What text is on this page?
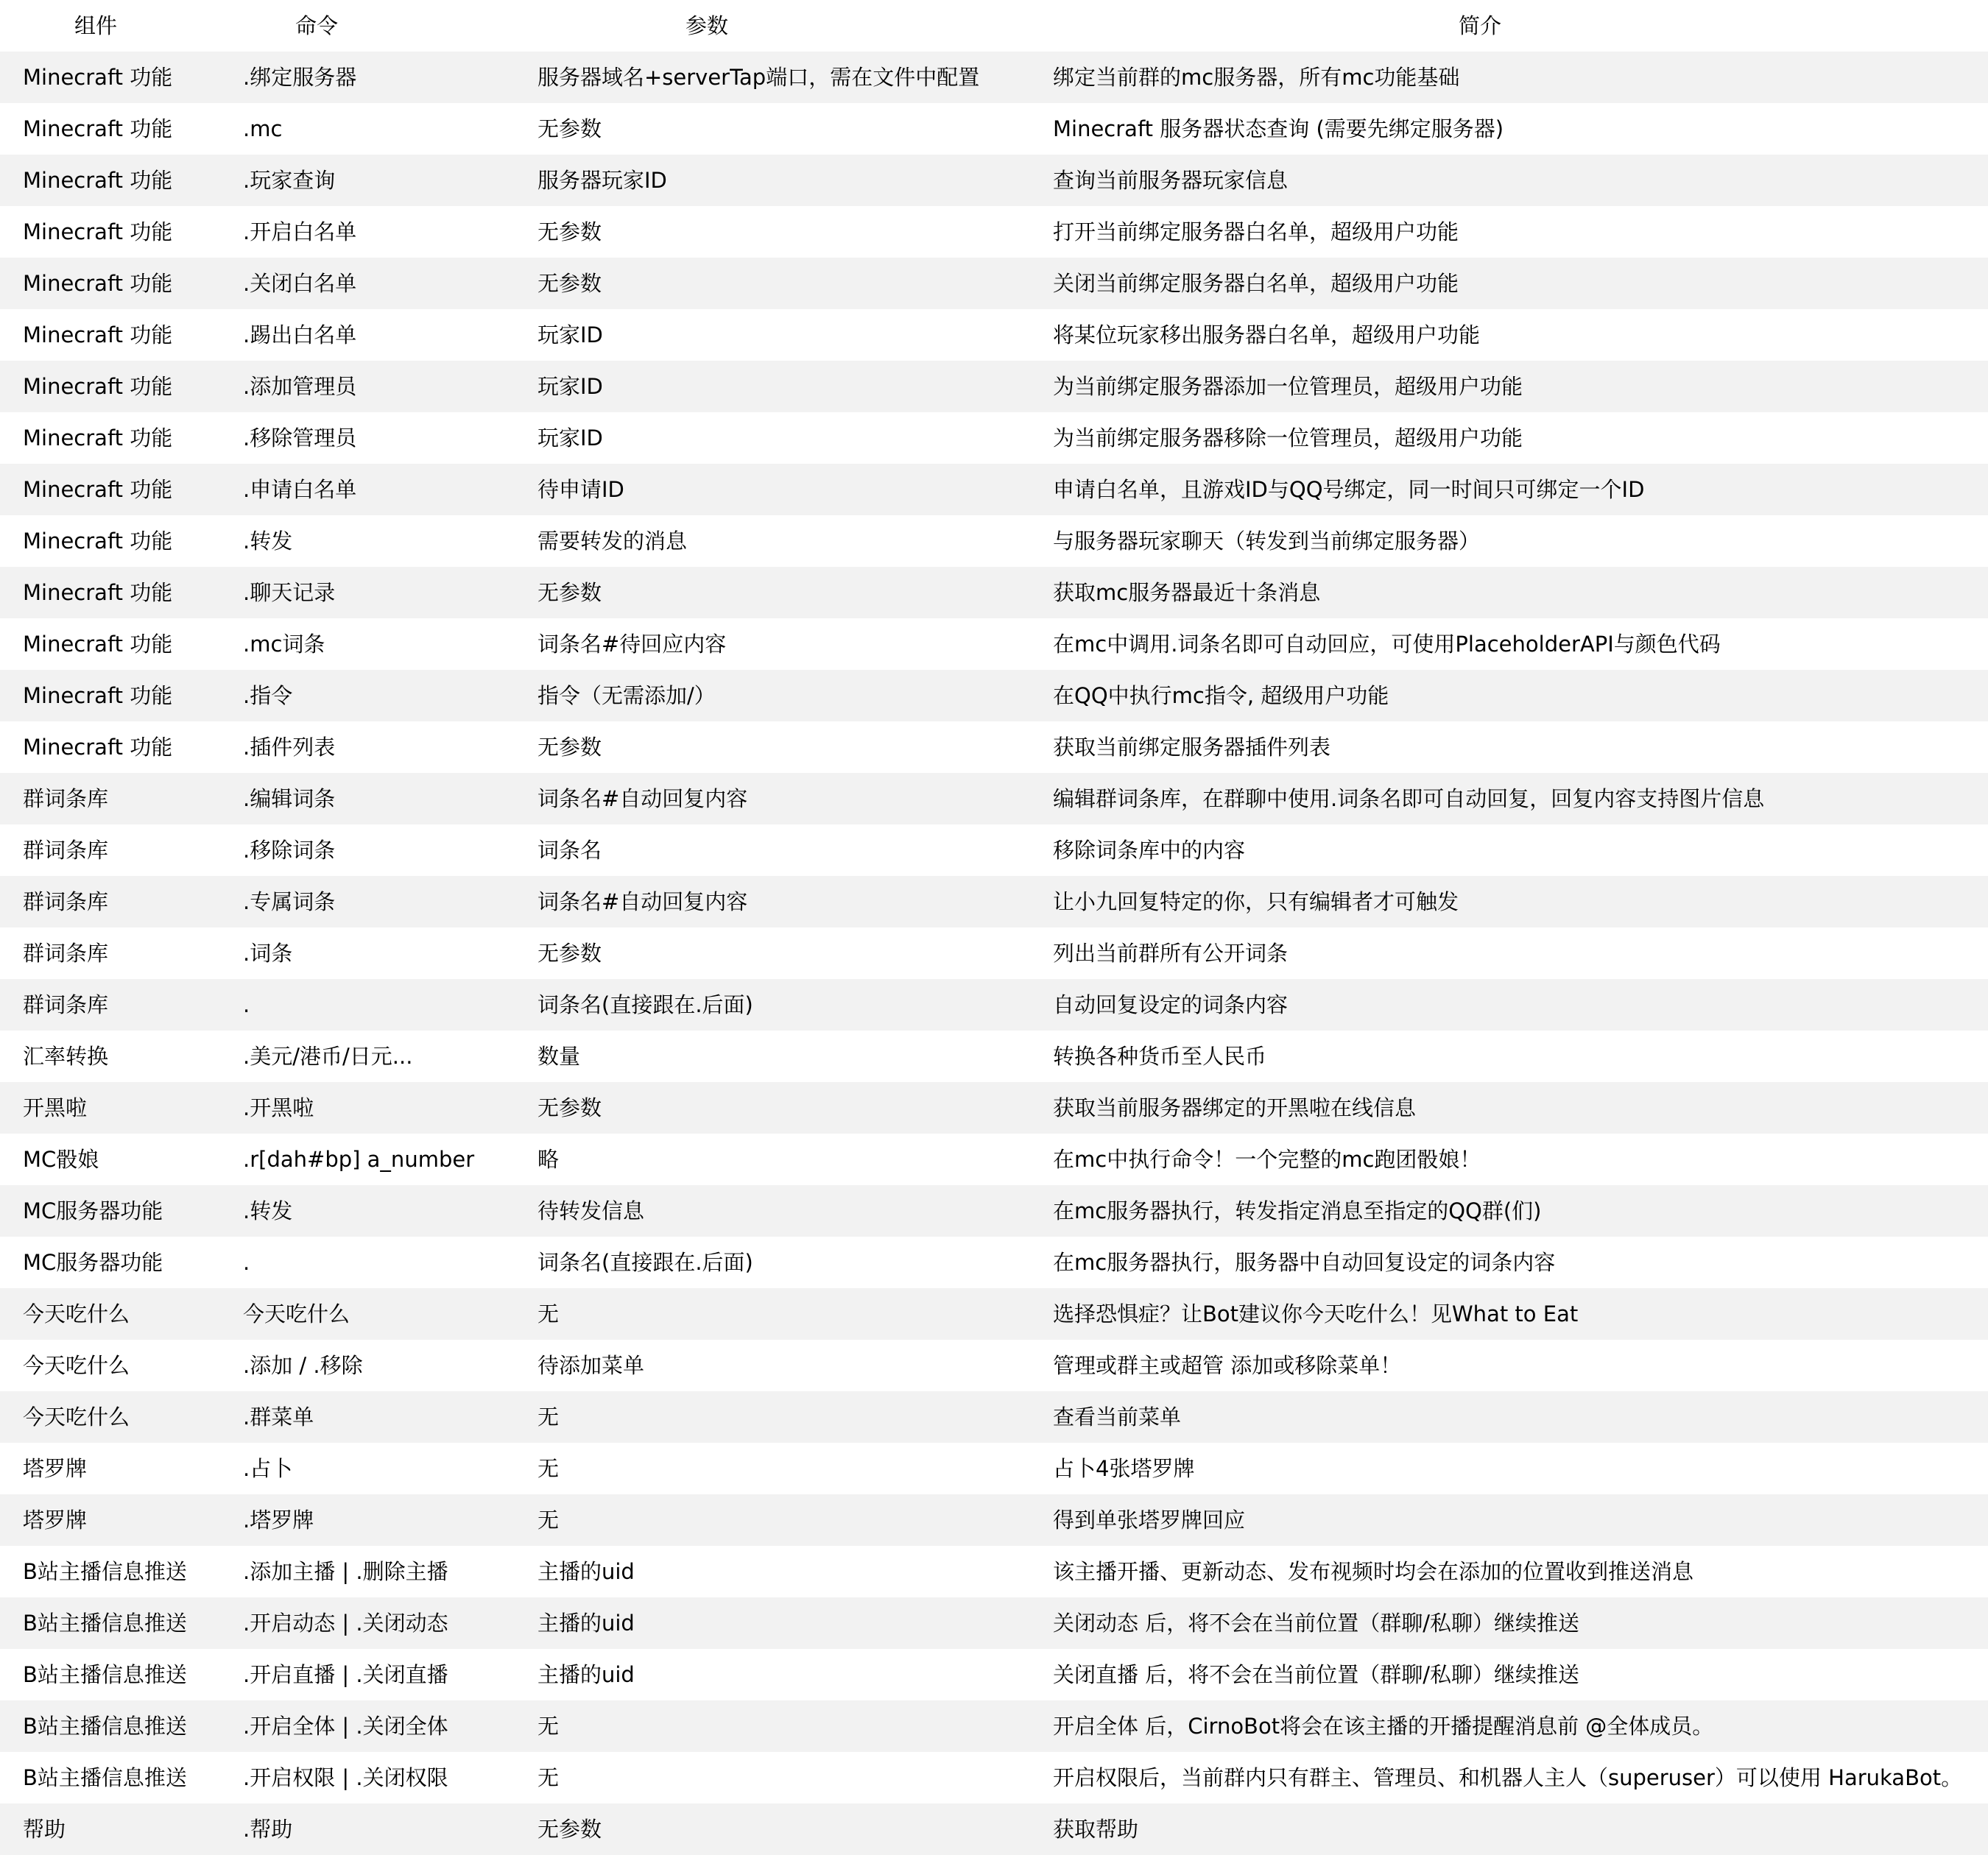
组件	命令	参数	简介
Minecraft 功能	.绑定服务器	服务器域名+serverTap端口，需在文件中配置	绑定当前群的mc服务器，所有mc功能基础
Minecraft 功能	.mc	无参数	Minecraft 服务器状态查询 (需要先绑定服务器)
Minecraft 功能	.玩家查询	服务器玩家ID	查询当前服务器玩家信息
Minecraft 功能	.开启白名单	无参数	打开当前绑定服务器白名单，超级用户功能
Minecraft 功能	.关闭白名单	无参数	关闭当前绑定服务器白名单，超级用户功能
Minecraft 功能	.踢出白名单	玩家ID	将某位玩家移出服务器白名单，超级用户功能
Minecraft 功能	.添加管理员	玩家ID	为当前绑定服务器添加一位管理员，超级用户功能
Minecraft 功能	.移除管理员	玩家ID	为当前绑定服务器移除一位管理员，超级用户功能
Minecraft 功能	.申请白名单	待申请ID	申请白名单，且游戏ID与QQ号绑定，同一时间只可绑定一个ID
Minecraft 功能	.转发	需要转发的消息	与服务器玩家聊天（转发到当前绑定服务器）
Minecraft 功能	.聊天记录	无参数	获取mc服务器最近十条消息
Minecraft 功能	.mc词条	词条名#待回应内容	在mc中调用.词条名即可自动回应，可使用PlaceholderAPI与颜色代码
Minecraft 功能	.指令	指令（无需添加/）	在QQ中执行mc指令, 超级用户功能
Minecraft 功能	.插件列表	无参数	获取当前绑定服务器插件列表
群词条库	.编辑词条	词条名#自动回复内容	编辑群词条库，在群聊中使用.词条名即可自动回复，回复内容支持图片信息
群词条库	.移除词条	词条名	移除词条库中的内容
群词条库	.专属词条	词条名#自动回复内容	让小九回复特定的你，只有编辑者才可触发
群词条库	.词条	无参数	列出当前群所有公开词条
群词条库	.	词条名(直接跟在.后面)	自动回复设定的词条内容
汇率转换	.美元/港币/日元...	数量	转换各种货币至人民币
开黑啦	.开黑啦	无参数	获取当前服务器绑定的开黑啦在线信息
MC骰娘	.r[dah#bp] a_number	略	在mc中执行命令！一个完整的mc跑团骰娘！
MC服务器功能	.转发	待转发信息	在mc服务器执行，转发指定消息至指定的QQ群(们)
MC服务器功能	.	词条名(直接跟在.后面)	在mc服务器执行，服务器中自动回复设定的词条内容
今天吃什么	今天吃什么	无	选择恐惧症？让Bot建议你今天吃什么！见What to Eat
今天吃什么	.添加 / .移除	待添加菜单	管理或群主或超管 添加或移除菜单！
今天吃什么	.群菜单	无	查看当前菜单
塔罗牌	.占卜	无	占卜4张塔罗牌
塔罗牌	.塔罗牌	无	得到单张塔罗牌回应
B站主播信息推送	.添加主播 | .删除主播	主播的uid	该主播开播、更新动态、发布视频时均会在添加的位置收到推送消息
B站主播信息推送	.开启动态 | .关闭动态	主播的uid	关闭动态 后，将不会在当前位置（群聊/私聊）继续推送
B站主播信息推送	.开启直播 | .关闭直播	主播的uid	关闭直播 后，将不会在当前位置（群聊/私聊）继续推送
B站主播信息推送	.开启全体 | .关闭全体	无	开启全体 后，CirnoBot将会在该主播的开播提醒消息前 @全体成员。
B站主播信息推送	.开启权限 | .关闭权限	无	开启权限后，当前群内只有群主、管理员、和机器人主人（superuser）可以使用 HarukaBot。
帮助	.帮助	无参数	获取帮助
